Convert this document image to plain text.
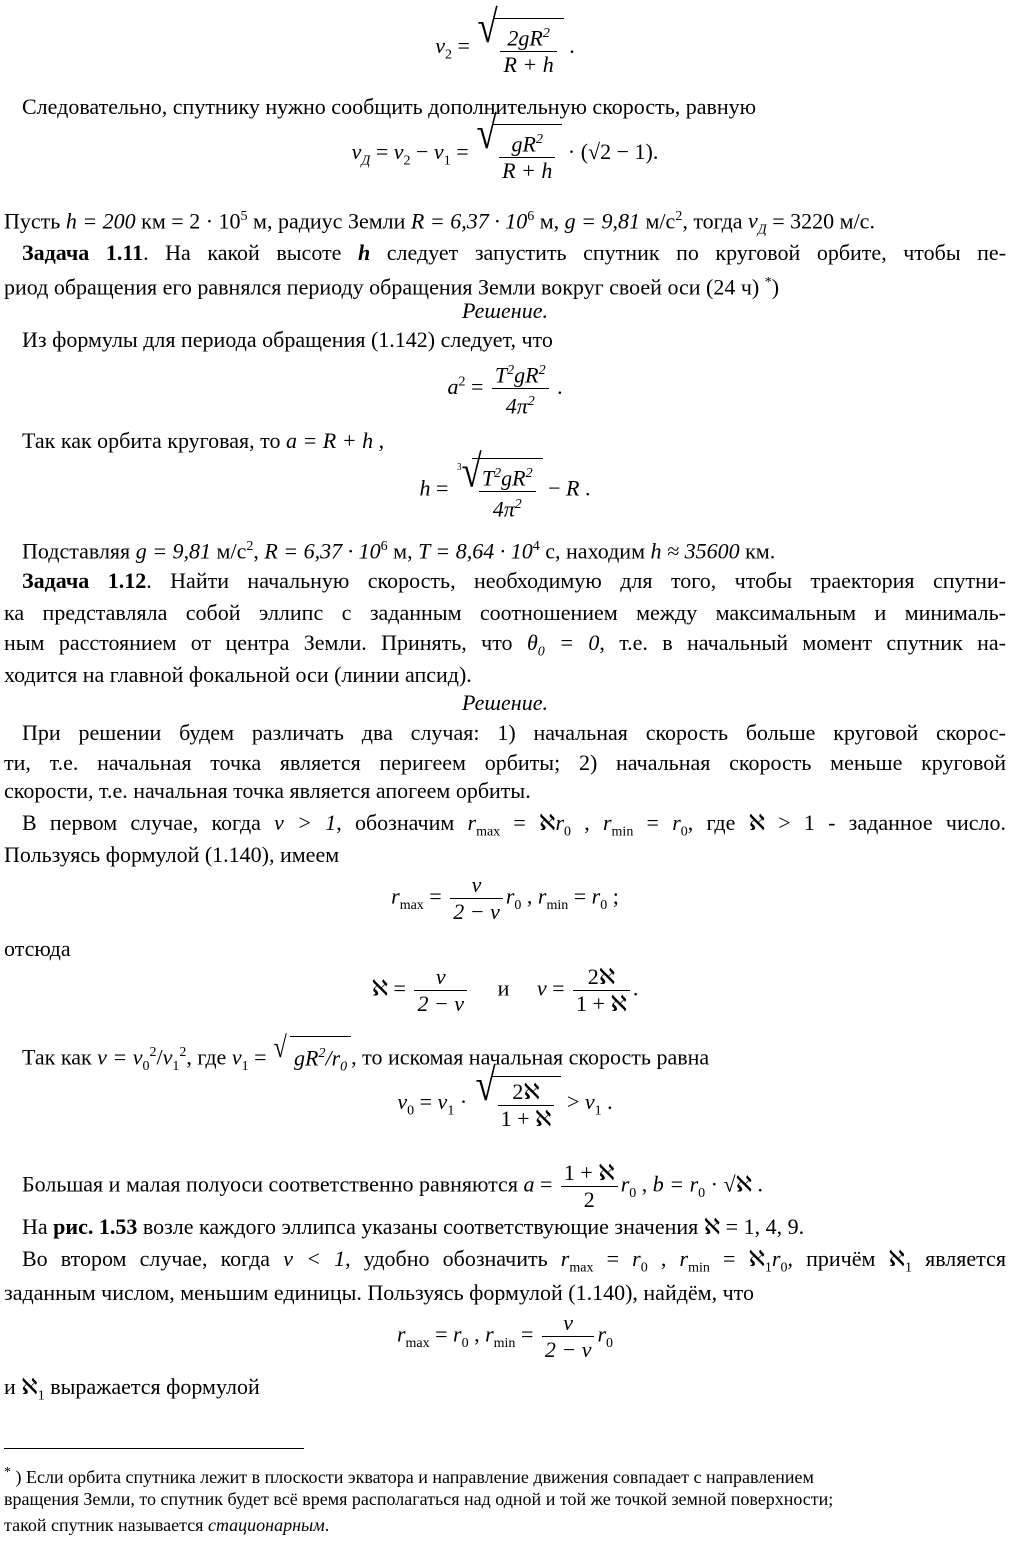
$v_2$ = √ $\frac{2gR^2}{R + h}$ .
Следовательно, спутнику нужно сообщить дополнительную скорость, равную
$v_Д = v_2 - v_1$ = √ $\frac{gR^2}{R + h} \cdot (√2 - 1)$.
Пусть h = 200 км = $2 \cdot 10^5$ м, радиус Земли $R = 6,37 \cdot 10^6$ м, g = 9,81 $м/с^2$, тогда $v_Д = 3220$ м/с.
Задача 1.11. На какой высоте h следует запустить спутник по круговой орбите, чтобы пе-
риод обращения его равнялся периоду обращения Земли вокруг своей оси (24 ч) *)
Решение.
Из формулы для периода обращения (1.142) следует, что
$a^2 = \frac{T^2gR^2}{4\pi^2}$ .
Так как орбита круговая, то a = R + h ,
h =
$^3$√
$\frac{T^2gR^2}{4\pi^2} - R$ .
Подставляя g = 9,81 $м/с^2$, $R = 6,37 \cdot 10^6$ м, $T = 8,64 \cdot 10^4$ с, находим h ≈ 35600 км.
Задача 1.12. Найти начальную скорость, необходимую для того, чтобы траектория спутни-
ка представляла собой эллипс с заданным соотношением между максимальным и минималь-
ным расстоянием от центра Земли. Принять, что $\theta_0 = 0$, т.е. в начальный момент спутник на-
ходится на главной фокальной оси (линии апсид).
Решение.
При решении будем различать два случая: 1) начальная скорость больше круговой скорос-
ти, т.е. начальная точка является перигеем орбиты; 2) начальная скорость меньше круговой
скорости, т.е. начальная точка является апогеем орбиты.
В первом случае, когда ν > 1, обозначим $r_{max}$ = ℵr$_0$ , $r_{min} = r_0$, где ℵ > 1 - заданное число.
Пользуясь формулой (1.140), имеем
$r_{max} = \frac{\nu}{2 - \nu} r_0$ , $r_{min} = r_0$ ;
отсюда
ℵ = $\frac{\nu}{2 - \nu}$ и ν = 2ℵ
1 + ℵ
.
Так как $\nu = v_0^2/v_1^2$, где $v_1$ = √ $gR^2/r_0$ , то искомая начальная скорость равна
$v_0 = v_1$ · √ 2ℵ
1 + ℵ
> $v_1$ .
Большая и малая полуоси соответственно равняются a = 1 + ℵ
2
$r_0$ , $b = r_0$ · √ℵ .
На рис. 1.53 возле каждого эллипса указаны соответствующие значения ℵ = 1, 4, 9.
Во втором случае, когда ν < 1, удобно обозначить $r_{max} = r_0$ , $r_{min}$ = $ℵ_1r_0$, причём ℵ$_1$ является
заданным числом, меньшим единицы. Пользуясь формулой (1.140), найдём, что
$r_{max} = r_0$ , $r_{min} = \frac{\nu}{2 - \nu} r_0$
и ℵ$_1$ выражается формулой
* ) Если орбита спутника лежит в плоскости экватора и направление движения совпадает с направлением
вращения Земли, то спутник будет всё время располагаться над одной и той же точкой земной поверхности;
такой спутник называется стационарным.
